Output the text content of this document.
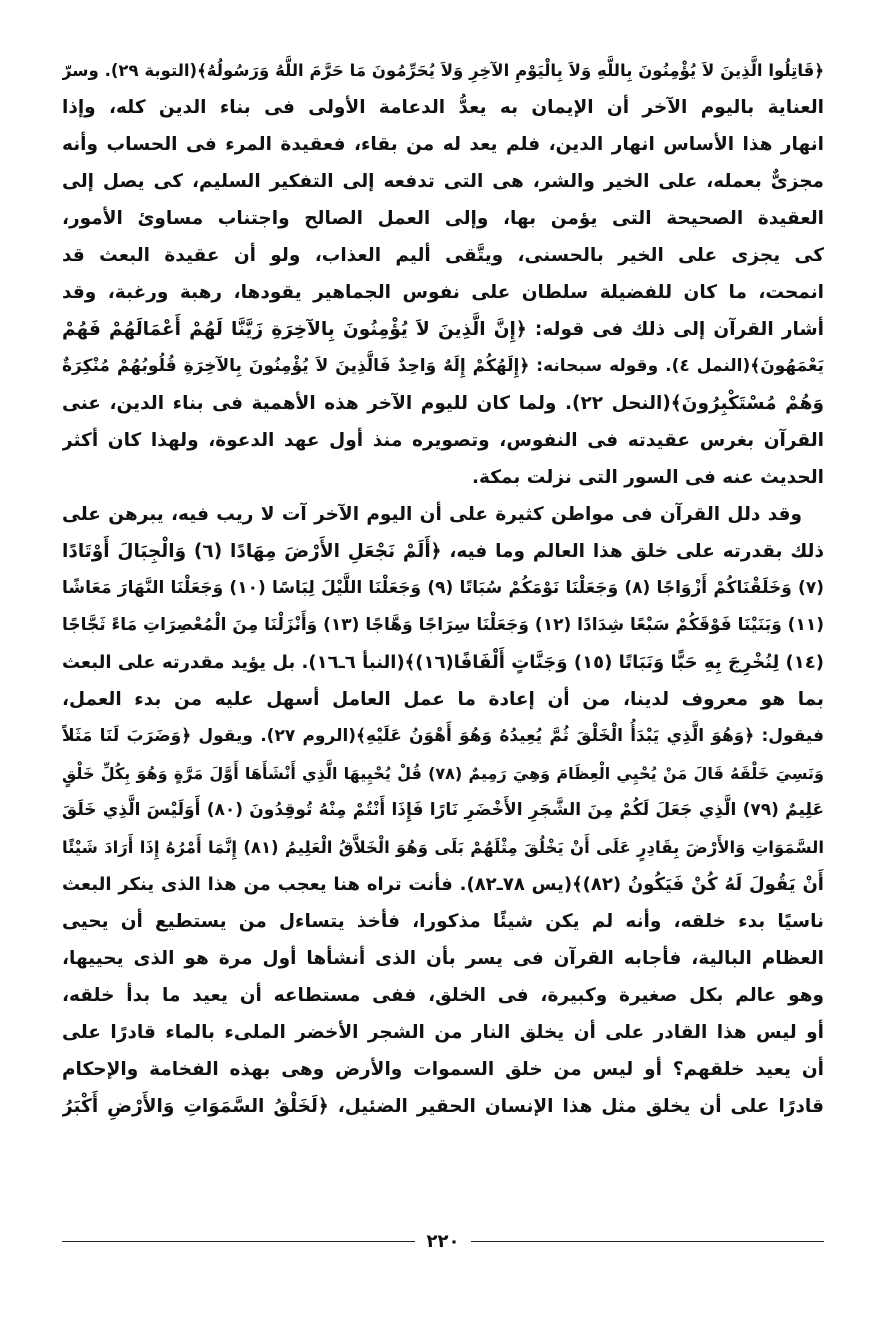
﴿قَاتِلُوا الَّذِينَ لاَ يُؤْمِنُونَ بِاللَّهِ وَلاَ بِالْيَوْمِ الآخِرِ وَلاَ يُحَرِّمُونَ مَا حَرَّمَ اللَّهُ وَرَسُولُهُ﴾(التوبة ٢٩). وسرّ
العناية باليوم الآخر أن الإيمان به يعدُّ الدعامة الأولى فى بناء الدين كله، وإذا
انهار هذا الأساس انهار الدين، فلم يعد له من بقاء، فعقيدة المرء فى الحساب وأنه
مجزىٌّ بعمله، على الخير والشر، هى التى تدفعه إلى التفكير السليم، كى يصل إلى
العقيدة الصحيحة التى يؤمن بها، وإلى العمل الصالح واجتناب مساوئ الأمور،
كى يجزى على الخير بالحسنى، ويتَّقى أليم العذاب، ولو أن عقيدة البعث قد
انمحت، ما كان للفضيلة سلطان على نفوس الجماهير يقودها، رهبة ورغبة، وقد
أشار القرآن إلى ذلك فى قوله: ﴿إِنَّ الَّذِينَ لاَ يُؤْمِنُونَ بِالآخِرَةِ زَيَّنَّا لَهُمْ أَعْمَالَهُمْ فَهُمْ
يَعْمَهُونَ﴾(النمل ٤). وقوله سبحانه: ﴿إِلَهُكُمْ إِلَهٌ وَاحِدٌ فَالَّذِينَ لاَ يُؤْمِنُونَ بِالآخِرَةِ قُلُوبُهُمْ مُنْكِرَةٌ
وَهُمْ مُسْتَكْبِرُونَ﴾(النحل ٢٢). ولما كان لليوم الآخر هذه الأهمية فى بناء الدين، عنى
القرآن بغرس عقيدته فى النفوس، وتصويره منذ أول عهد الدعوة، ولهذا كان أكثر
الحديث عنه فى السور التى نزلت بمكة.
وقد دلل القرآن فى مواطن كثيرة على أن اليوم الآخر آت لا ريب فيه، يبرهن على
ذلك بقدرته على خلق هذا العالم وما فيه، ﴿أَلَمْ نَجْعَلِ الأَرْضَ مِهَادًا (٦) وَالْجِبَالَ أَوْتَادًا
(٧) وَخَلَقْنَاكُمْ أَزْوَاجًا (٨) وَجَعَلْنَا نَوْمَكُمْ سُبَاتًا (٩) وَجَعَلْنَا اللَّيْلَ لِبَاسًا (١٠) وَجَعَلْنَا النَّهَارَ مَعَاشًا
(١١) وَبَنَيْنَا فَوْقَكُمْ سَبْعًا شِدَادًا (١٢) وَجَعَلْنَا سِرَاجًا وَهَّاجًا (١٣) وَأَنْزَلْنَا مِنَ الْمُعْصِرَاتِ مَاءً ثَجَّاجًا
(١٤) لِنُخْرِجَ بِهِ حَبًّا وَنَبَاتًا (١٥) وَجَنَّاتٍ أَلْفَافًا(١٦)﴾(النبأ ٦ـ١٦). بل يؤيد مقدرته على البعث
بما هو معروف لدينا، من أن إعادة ما عمل العامل أسهل عليه من بدء العمل،
فيقول: ﴿وَهُوَ الَّذِي يَبْدَأُ الْخَلْقَ ثُمَّ يُعِيدُهُ وَهُوَ أَهْوَنُ عَلَيْهِ﴾(الروم ٢٧). ويقول ﴿وَضَرَبَ لَنَا مَثَلاً
وَنَسِيَ خَلْقَهُ قَالَ مَنْ يُحْيِي الْعِظَامَ وَهِيَ رَمِيمٌ (٧٨) قُلْ يُحْيِيهَا الَّذِي أَنْشَأَهَا أَوَّلَ مَرَّةٍ وَهُوَ بِكُلِّ خَلْقٍ
عَلِيمٌ (٧٩) الَّذِي جَعَلَ لَكُمْ مِنَ الشَّجَرِ الأَخْضَرِ نَارًا فَإِذَا أَنْتُمْ مِنْهُ تُوقِدُونَ (٨٠) أَوَلَيْسَ الَّذِي خَلَقَ
السَّمَوَاتِ وَالأَرْضَ بِقَادِرٍ عَلَى أَنْ يَخْلُقَ مِثْلَهُمْ بَلَى وَهُوَ الْخَلاَّقُ الْعَلِيمُ (٨١) إِنَّمَا أَمْرُهُ إِذَا أَرَادَ شَيْئًا
أَنْ يَقُولَ لَهُ كُنْ فَيَكُونُ (٨٢)﴾(يس ٧٨ـ٨٢). فأنت تراه هنا يعجب من هذا الذى ينكر البعث
ناسيًا بدء خلقه، وأنه لم يكن شيئًا مذكورا، فأخذ يتساءل من يستطيع أن يحيى
العظام البالية، فأجابه القرآن فى يسر بأن الذى أنشأها أول مرة هو الذى يحييها،
وهو عالم بكل صغيرة وكبيرة، فى الخلق، ففى مستطاعه أن يعيد ما بدأ خلقه،
أو ليس هذا القادر على أن يخلق النار من الشجر الأخضر الملىء بالماء قادرًا على
أن يعيد خلقهم؟ أو ليس من خلق السموات والأرض وهى بهذه الفخامة والإحكام
قادرًا على أن يخلق مثل هذا الإنسان الحقير الضئيل، ﴿لَخَلْقُ السَّمَوَاتِ وَالأَرْضِ أَكْبَرُ
٢٢٠
